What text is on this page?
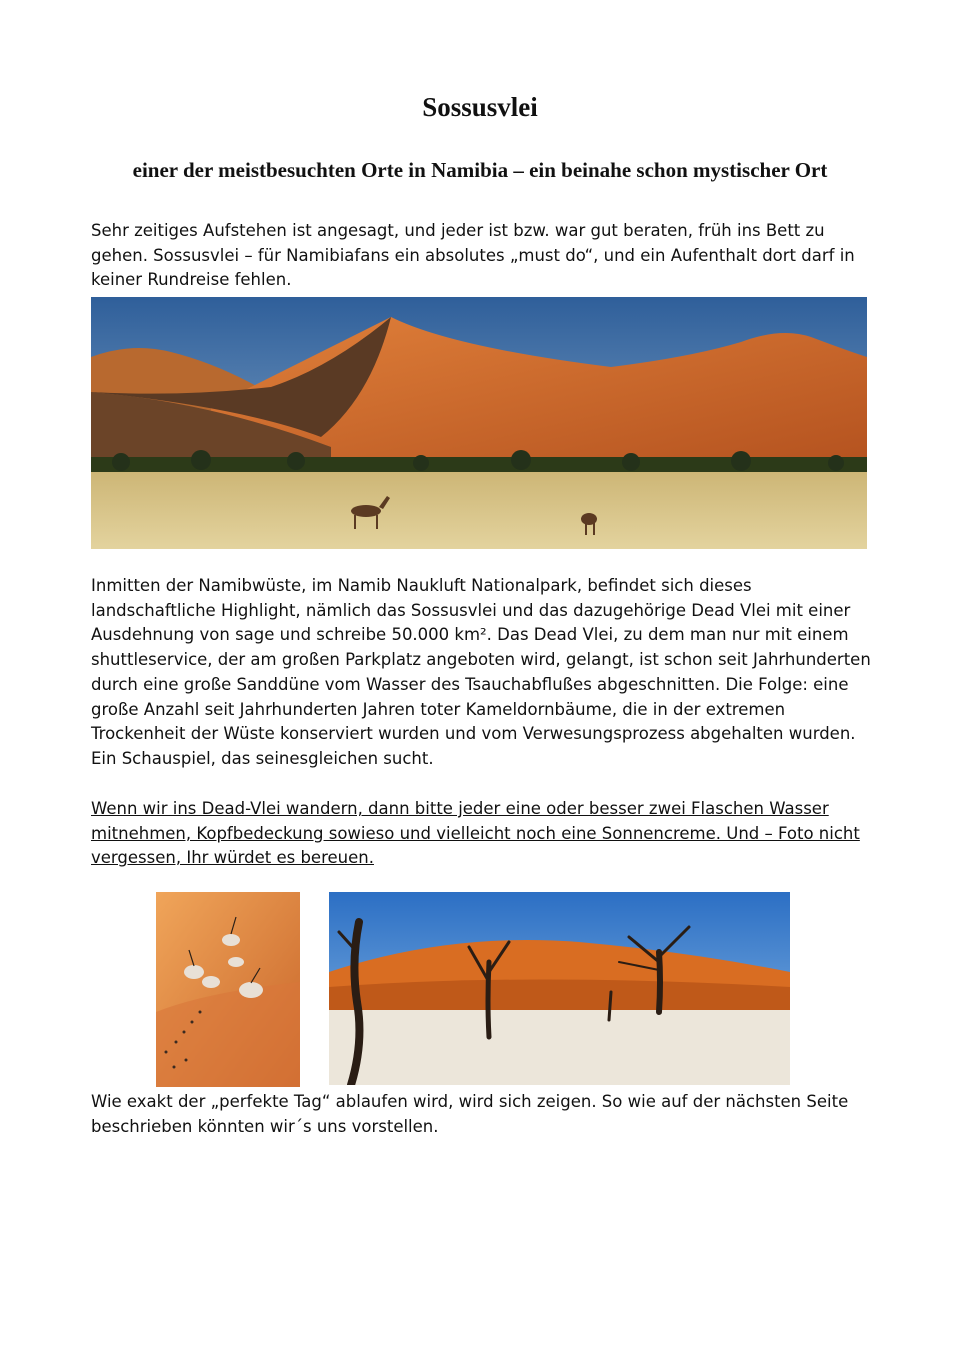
Sossusvlei
einer der meistbesuchten Orte in Namibia – ein beinahe schon mystischer Ort

Sehr zeitiges Aufstehen ist angesagt, und jeder ist bzw. war gut beraten, früh ins Bett zu gehen. Sossusvlei – für Namibiafans ein absolutes „must do“, und ein Aufenthalt dort darf in keiner Rundreise fehlen.

Inmitten der Namibwüste, im Namib Naukluft Nationalpark, befindet sich dieses landschaftliche Highlight, nämlich das Sossusvlei und das dazugehörige Dead Vlei mit einer Ausdehnung von sage und schreibe 50.000 km². Das Dead Vlei, zu dem man nur mit einem shuttleservice, der am großen Parkplatz angeboten wird, gelangt, ist schon seit Jahrhunderten durch eine große Sanddüne vom Wasser des Tsauchabflußes abgeschnitten. Die Folge: eine große Anzahl seit Jahrhunderten Jahren toter Kameldornbäume, die in der extremen Trockenheit der Wüste konserviert wurden und vom Verwesungsprozess abgehalten wurden. Ein Schauspiel, das seinesgleichen sucht.

Wenn wir ins Dead-Vlei wandern, dann bitte jeder eine oder besser zwei Flaschen Wasser mitnehmen, Kopfbedeckung sowieso und vielleicht noch eine Sonnencreme. Und – Foto nicht vergessen, Ihr würdet es bereuen.

Wie exakt der „perfekte Tag“ ablaufen wird, wird sich zeigen. So wie auf der nächsten Seite beschrieben könnten wir´s uns vorstellen.
